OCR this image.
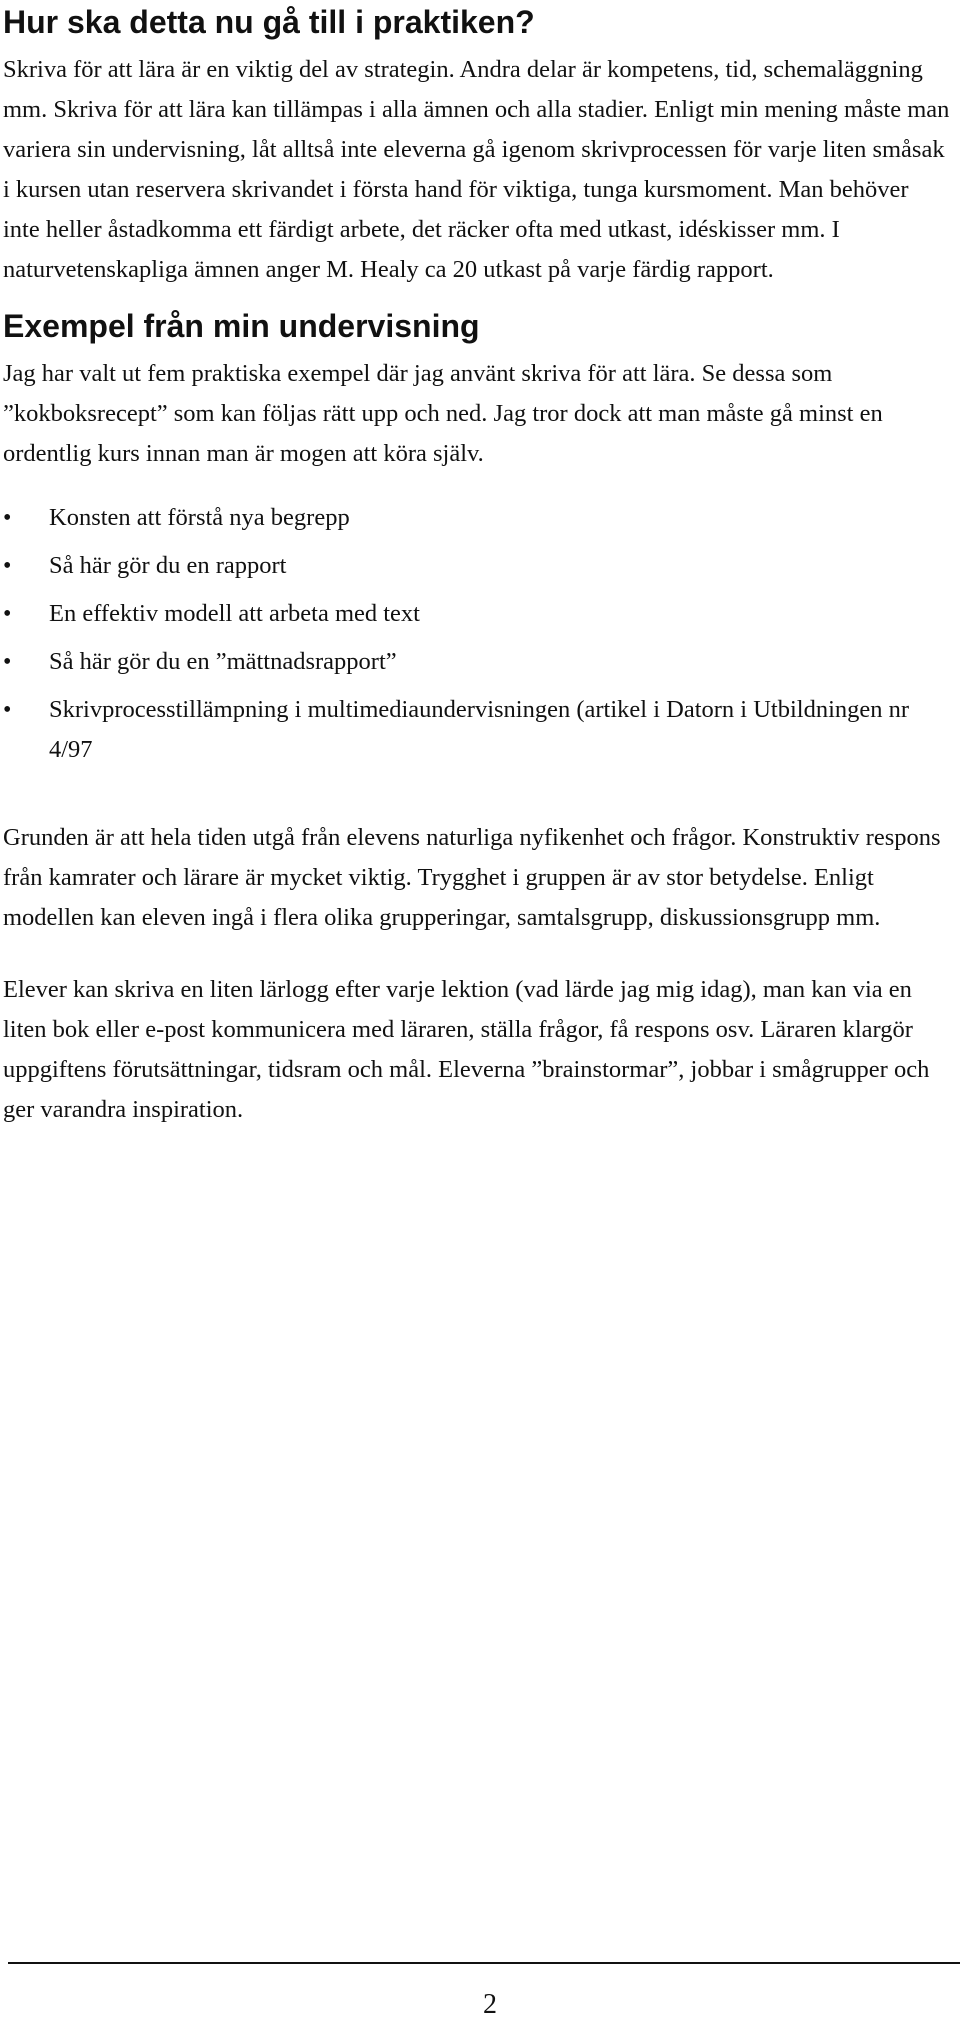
Hur ska detta nu gå till i praktiken?

Skriva för att lära är en viktig del av strategin. Andra delar är kompetens, tid, schemaläggning mm. Skriva för att lära kan tillämpas i alla ämnen och alla stadier. Enligt min mening måste man variera sin undervisning, låt alltså inte eleverna gå igenom skrivprocessen för varje liten småsak i kursen utan reservera skrivandet i första hand för viktiga, tunga kursmoment. Man behöver inte heller åstadkomma ett färdigt arbete, det räcker ofta med utkast, idéskisser mm. I naturvetenskapliga ämnen anger M. Healy ca 20 utkast på varje färdig rapport.

Exempel från min undervisning

Jag har valt ut fem praktiska exempel där jag använt skriva för att lära. Se dessa som ”kokboksrecept” som kan följas rätt upp och ned. Jag tror dock att man måste gå minst en ordentlig kurs innan man är mogen att köra själv.

•	Konsten att förstå nya begrepp
•	Så här gör du en rapport
•	En effektiv modell att arbeta med text
•	Så här gör du en ”mättnadsrapport”
•	Skrivprocesstillämpning i multimediaundervisningen (artikel i Datorn i Utbildningen nr 4/97

Grunden är att hela tiden utgå från elevens naturliga nyfikenhet och frågor. Konstruktiv respons från kamrater och lärare är mycket viktig. Trygghet i gruppen är av stor betydelse. Enligt modellen kan eleven ingå i flera olika grupperingar, samtalsgrupp, diskussionsgrupp mm.

Elever kan skriva en liten lärlogg efter varje lektion (vad lärde jag mig idag), man kan via en liten bok eller e-post kommunicera med läraren, ställa frågor, få respons osv. Läraren klargör uppgiftens förutsättningar, tidsram och mål. Eleverna ”brainstormar”, jobbar i smågrupper och ger varandra inspiration.

2
